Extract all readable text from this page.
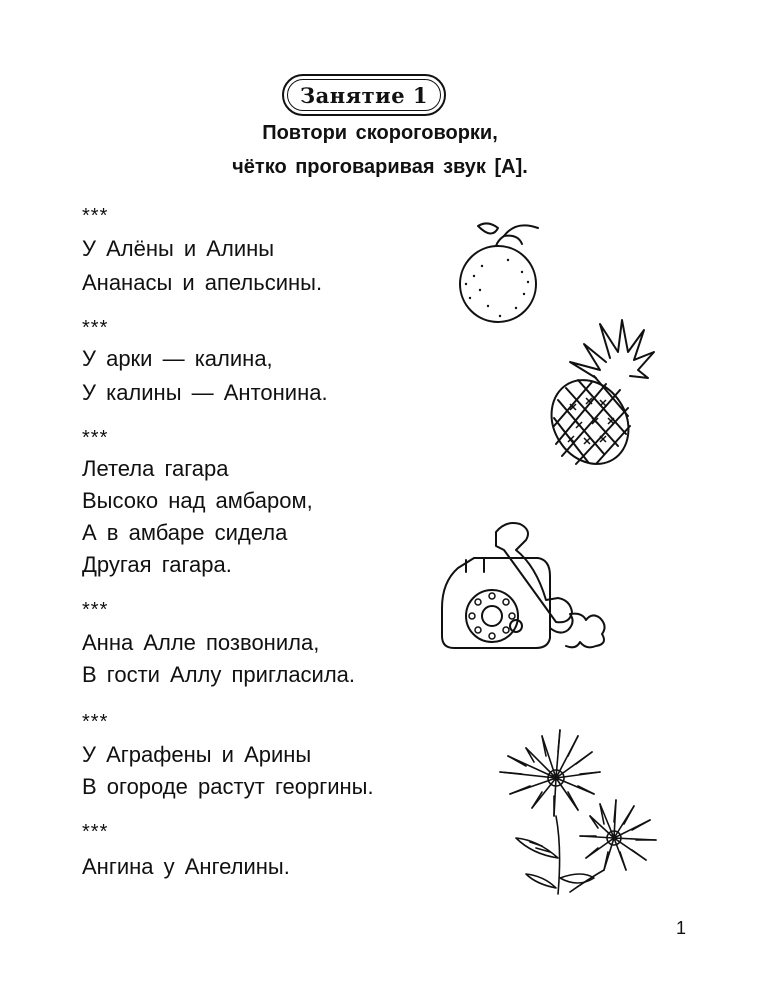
Занятие 1
Повтори скороговорки,
чётко проговаривая звук [А].
***
У Алёны и Алины
Ананасы и апельсины.
***
У арки — калина,
У калины — Антонина.
***
Летела гагара
Высоко над амбаром,
А в амбаре сидела
Другая гагара.
***
Анна Алле позвонила,
В гости Аллу пригласила.
***
У Аграфены и Арины
В огороде растут георгины.
***
Ангина у Ангелины.
1
